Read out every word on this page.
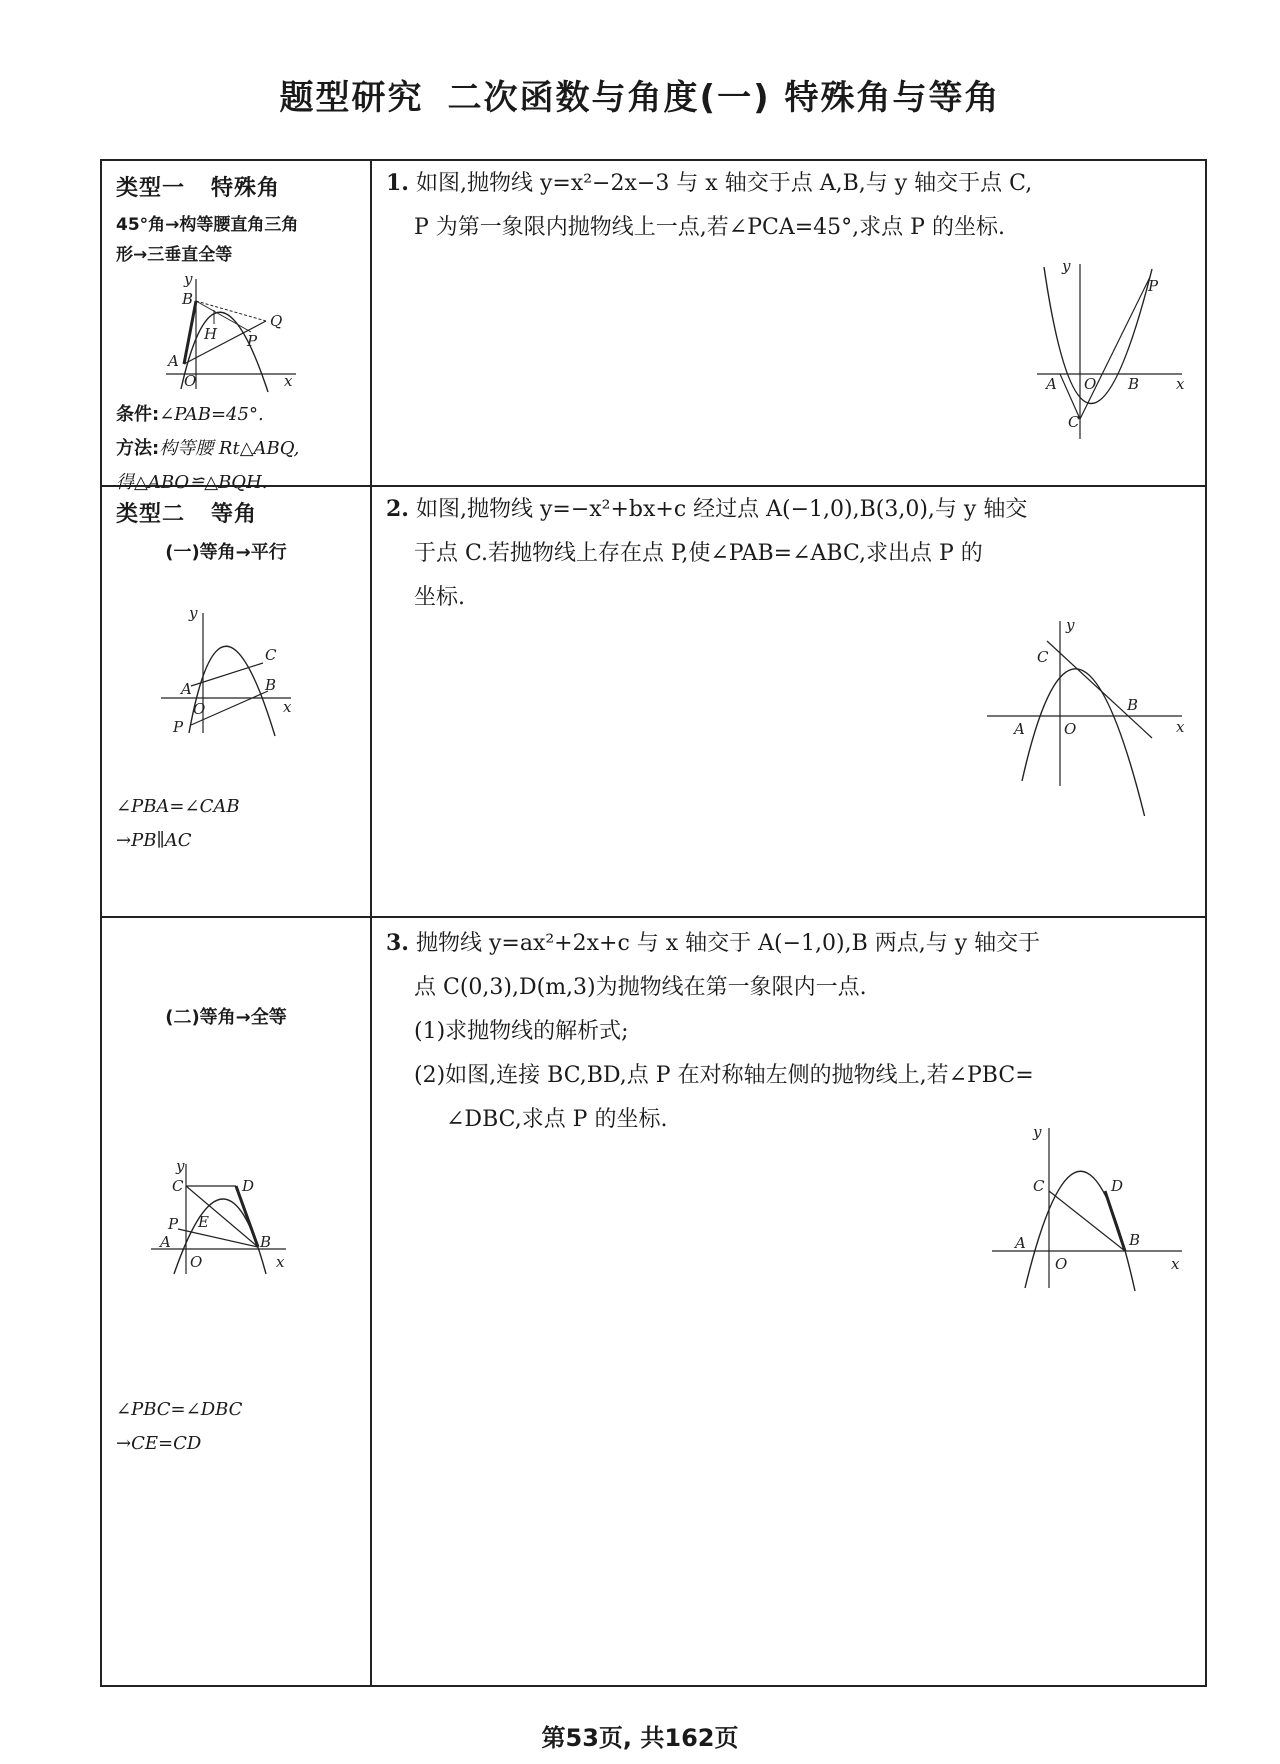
题型研究 二次函数与角度(一) 特殊角与等角
类型一 特殊角
45°角→构等腰直角三角
形→三垂直全等
y
B
H
Q
P
A
O	x
条件:∠PAB=45°.
方法:构等腰 Rt△ABQ,
得△ABO≌△BQH.
1. 如图,抛物线 y=x²−2x−3 与 x 轴交于点 A,B,与 y 轴交于点 C,
P 为第一象限内抛物线上一点,若∠PCA=45°,求点 P 的坐标.
y
P
A O B x
C
类型二 等角
(一)等角→平行
y
C
A
O
B
x
P
∠PBA=∠CAB
→PB∥AC
2. 如图,抛物线 y=−x²+bx+c 经过点 A(−1,0),B(3,0),与 y 轴交
于点 C.若抛物线上存在点 P,使∠PAB=∠ABC,求出点 P 的
坐标.
y
C
B
A	O	x
(二)等角→全等
y
C	D
P E
A	B
O	x
∠PBC=∠DBC
→CE=CD
3. 抛物线 y=ax²+2x+c 与 x 轴交于 A(−1,0),B 两点,与 y 轴交于
点 C(0,3),D(m,3)为抛物线在第一象限内一点.
(1)求抛物线的解析式;
(2)如图,连接 BC,BD,点 P 在对称轴左侧的抛物线上,若∠PBC=
∠DBC,求点 P 的坐标.	y
C	D
A	B
O	x
第53页, 共162页
